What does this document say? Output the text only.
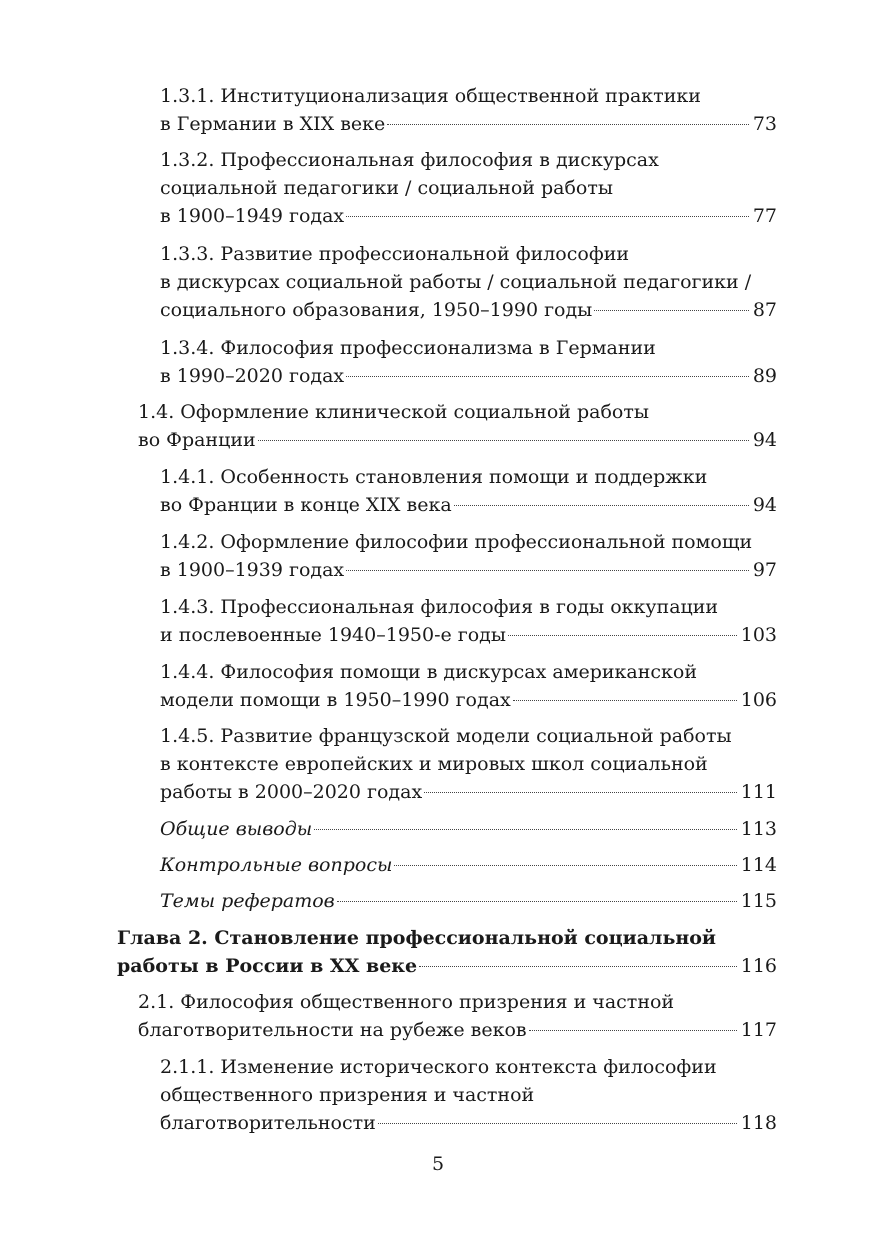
1.3.1. Институционализация общественной практики
в Германии в XIX веке	73
1.3.2. Профессиональная философия в дискурсах
социальной педагогики / социальной работы
в 1900–1949 годах	77
1.3.3. Развитие профессиональной философии
в дискурсах социальной работы / социальной педагогики /
социального образования, 1950–1990 годы	87
1.3.4. Философия профессионализма в Германии
в 1990–2020 годах	89
1.4. Оформление клинической социальной работы
во Франции	94
1.4.1. Особенность становления помощи и поддержки
во Франции в конце XIX века	94
1.4.2. Оформление философии профессиональной помощи
в 1900–1939 годах	97
1.4.3. Профессиональная философия в годы оккупации
и послевоенные 1940–1950-е годы	103
1.4.4. Философия помощи в дискурсах американской
модели помощи в 1950–1990 годах	106
1.4.5. Развитие французской модели социальной работы
в контексте европейских и мировых школ социальной
работы в 2000–2020 годах	111
Общие выводы	113
Контрольные вопросы	114
Темы рефератов	115
Глава 2. Становление профессиональной социальной
работы в России в XX веке	116
2.1. Философия общественного призрения и частной
благотворительности на рубеже веков	117
2.1.1. Изменение исторического контекста философии
общественного призрения и частной
благотворительности	118
5
